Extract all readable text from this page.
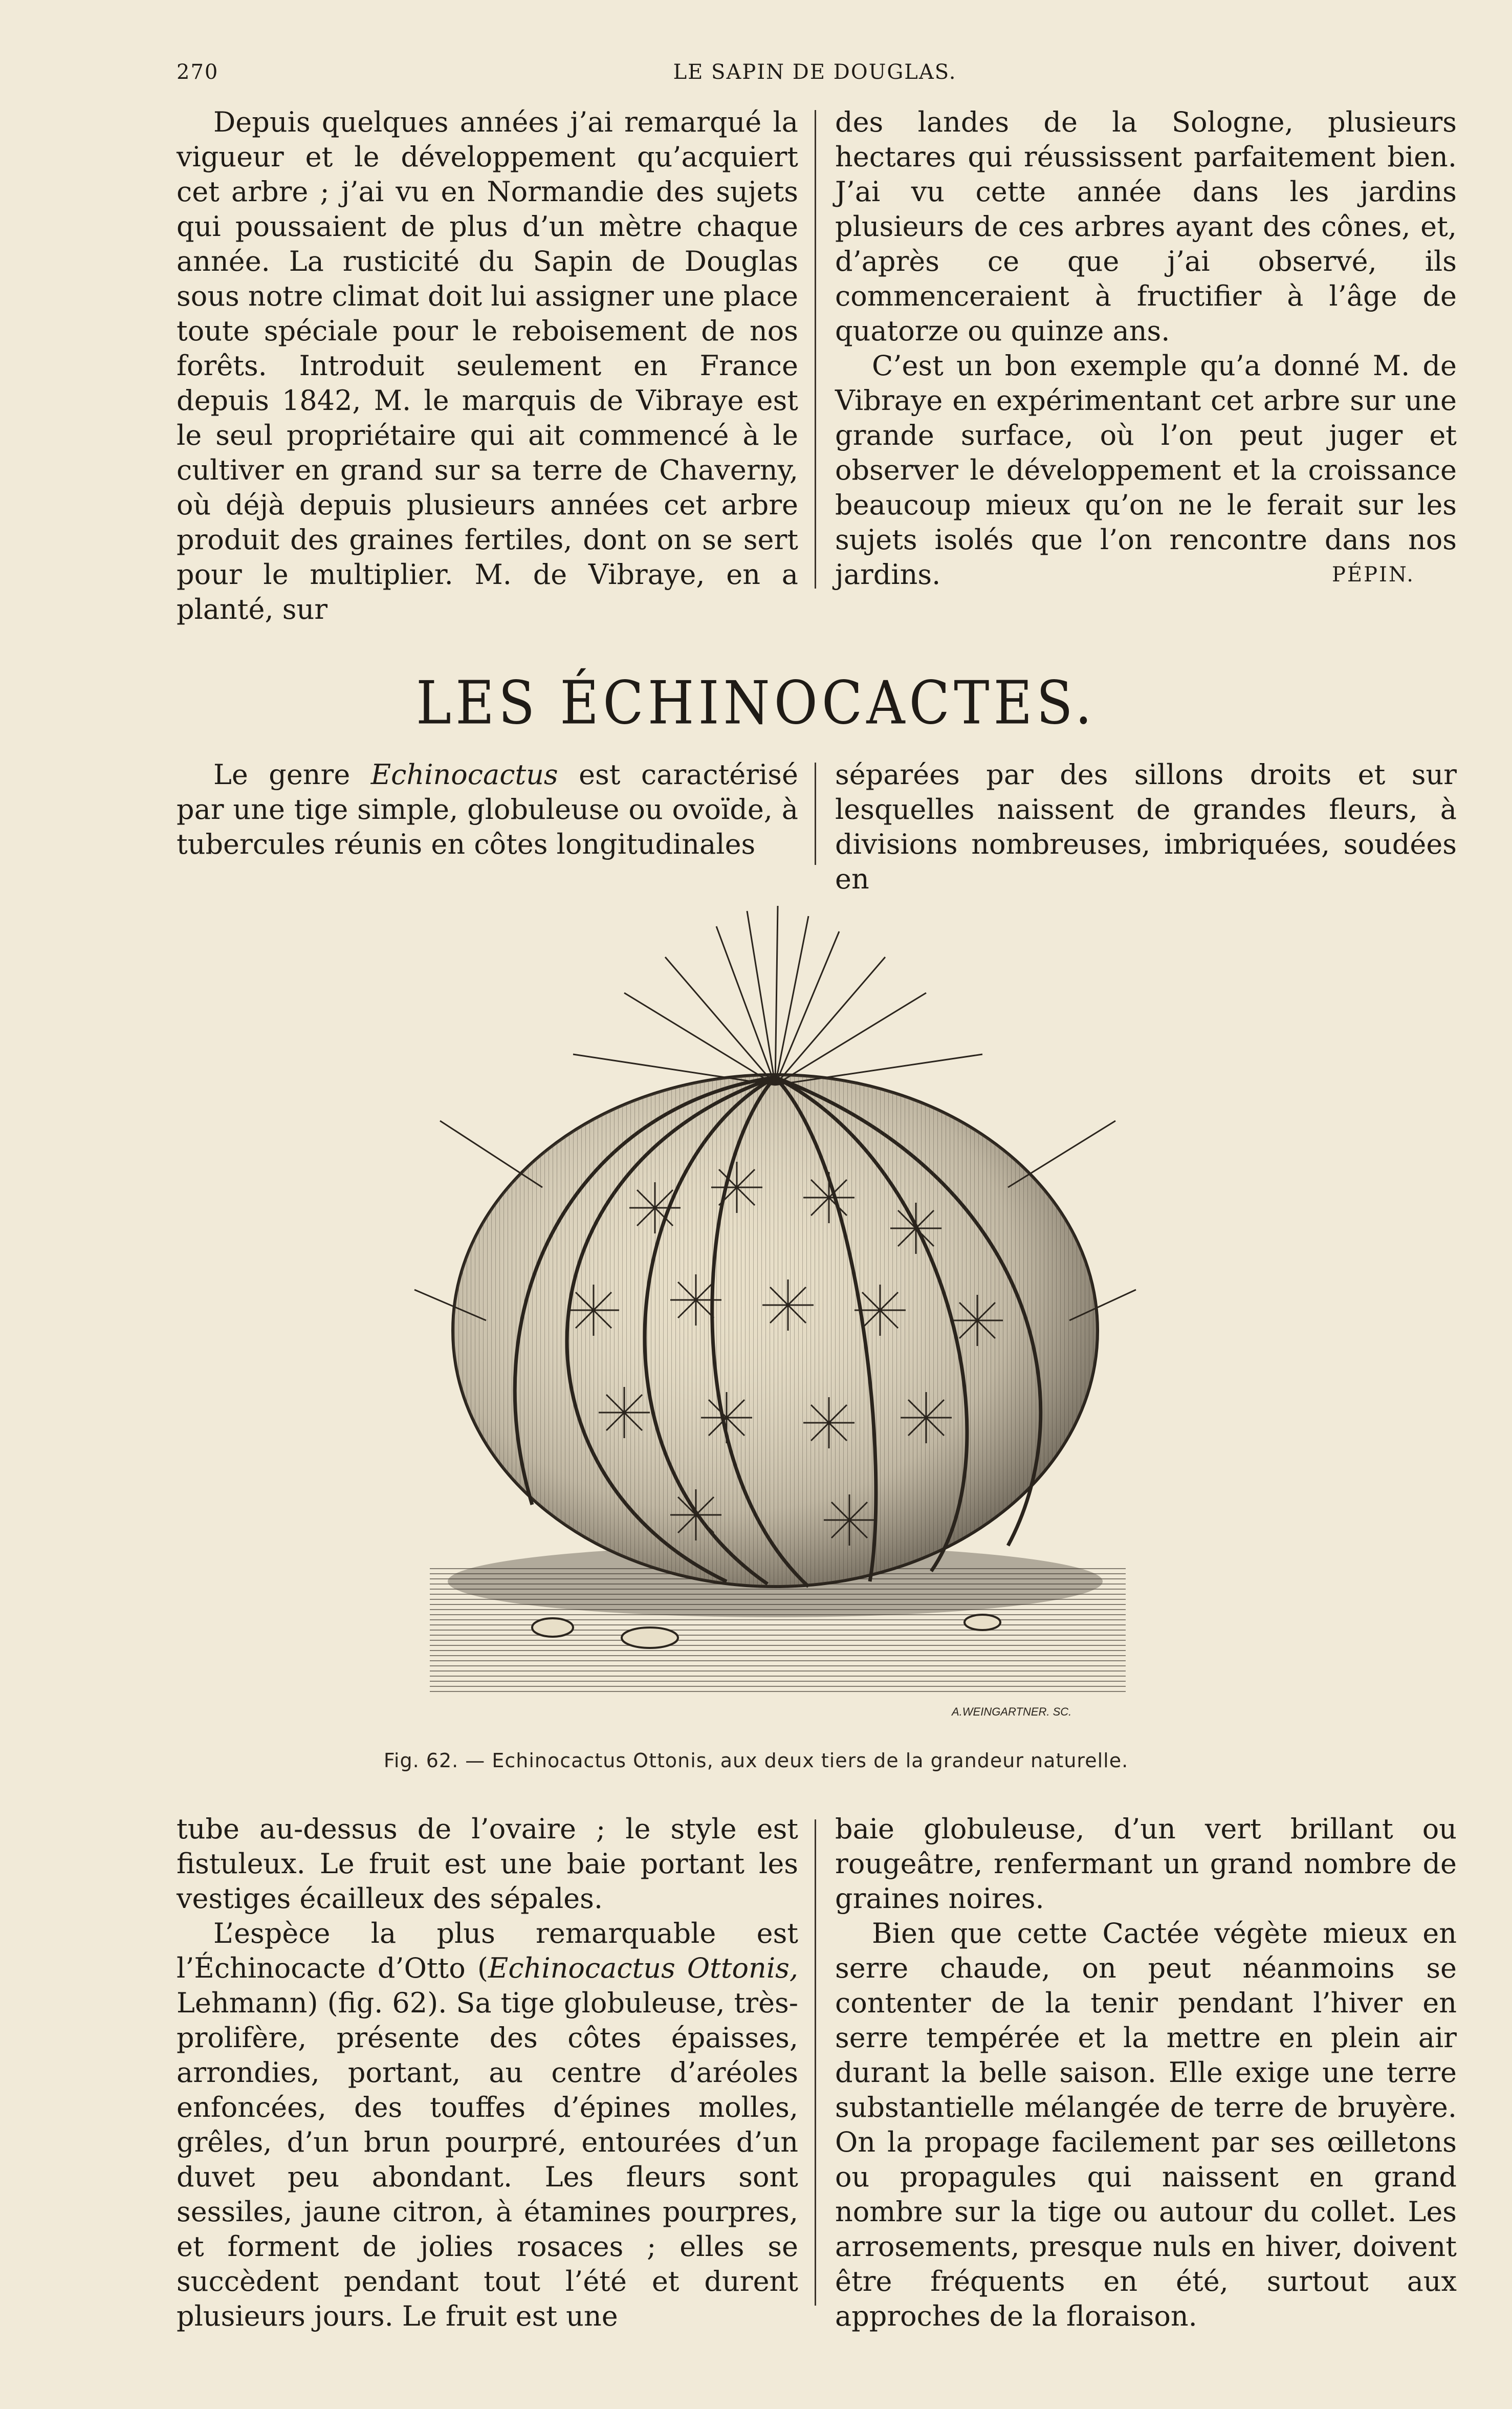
270	LE SAPIN DE DOUGLAS.

Depuis quelques années j’ai remarqué la vigueur et le développement qu’acquiert cet arbre ; j’ai vu en Normandie des sujets qui poussaient de plus d’un mètre chaque année. La rusticité du Sapin de Douglas sous notre climat doit lui assigner une place toute spéciale pour le reboisement de nos forêts. Introduit seulement en France depuis 1842, M. le marquis de Vibraye est le seul propriétaire qui ait commencé à le cultiver en grand sur sa terre de Chaverny, où déjà depuis plusieurs années cet arbre produit des graines fertiles, dont on se sert pour le multiplier. M. de Vibraye, en a planté, sur

des landes de la Sologne, plusieurs hectares qui réussissent parfaitement bien. J’ai vu cette année dans les jardins plusieurs de ces arbres ayant des cônes, et, d’après ce que j’ai observé, ils commenceraient à fructifier à l’âge de quatorze ou quinze ans.

C’est un bon exemple qu’a donné M. de Vibraye en expérimentant cet arbre sur une grande surface, où l’on peut juger et observer le développement et la croissance beaucoup mieux qu’on ne le ferait sur les sujets isolés que l’on rencontre dans nos jardins.	PÉPIN.
LES ÉCHINOCACTES.

Le genre Echinocactus est caractérisé par une tige simple, globuleuse ou ovoïde, à tubercules réunis en côtes longitudinales

séparées par des sillons droits et sur lesquelles naissent de grandes fleurs, à divisions nombreuses, imbriquées, soudées en

A.WEINGARTNER. SC.
Fig. 62. — Echinocactus Ottonis, aux deux tiers de la grandeur naturelle.

tube au-dessus de l’ovaire ; le style est fistuleux. Le fruit est une baie portant les vestiges écailleux des sépales.

L’espèce la plus remarquable est l’Échinocacte d’Otto (Echinocactus Ottonis, Lehmann) (fig. 62). Sa tige globuleuse, très-prolifère, présente des côtes épaisses, arrondies, portant, au centre d’aréoles enfoncées, des touffes d’épines molles, grêles, d’un brun pourpré, entourées d’un duvet peu abondant. Les fleurs sont sessiles, jaune citron, à étamines pourpres, et forment de jolies rosaces ; elles se succèdent pendant tout l’été et durent plusieurs jours. Le fruit est une

baie globuleuse, d’un vert brillant ou rougeâtre, renfermant un grand nombre de graines noires.

Bien que cette Cactée végète mieux en serre chaude, on peut néanmoins se contenter de la tenir pendant l’hiver en serre tempérée et la mettre en plein air durant la belle saison. Elle exige une terre substantielle mélangée de terre de bruyère. On la propage facilement par ses œilletons ou propagules qui naissent en grand nombre sur la tige ou autour du collet. Les arrosements, presque nuls en hiver, doivent être fréquents en été, surtout aux approches de la floraison.
